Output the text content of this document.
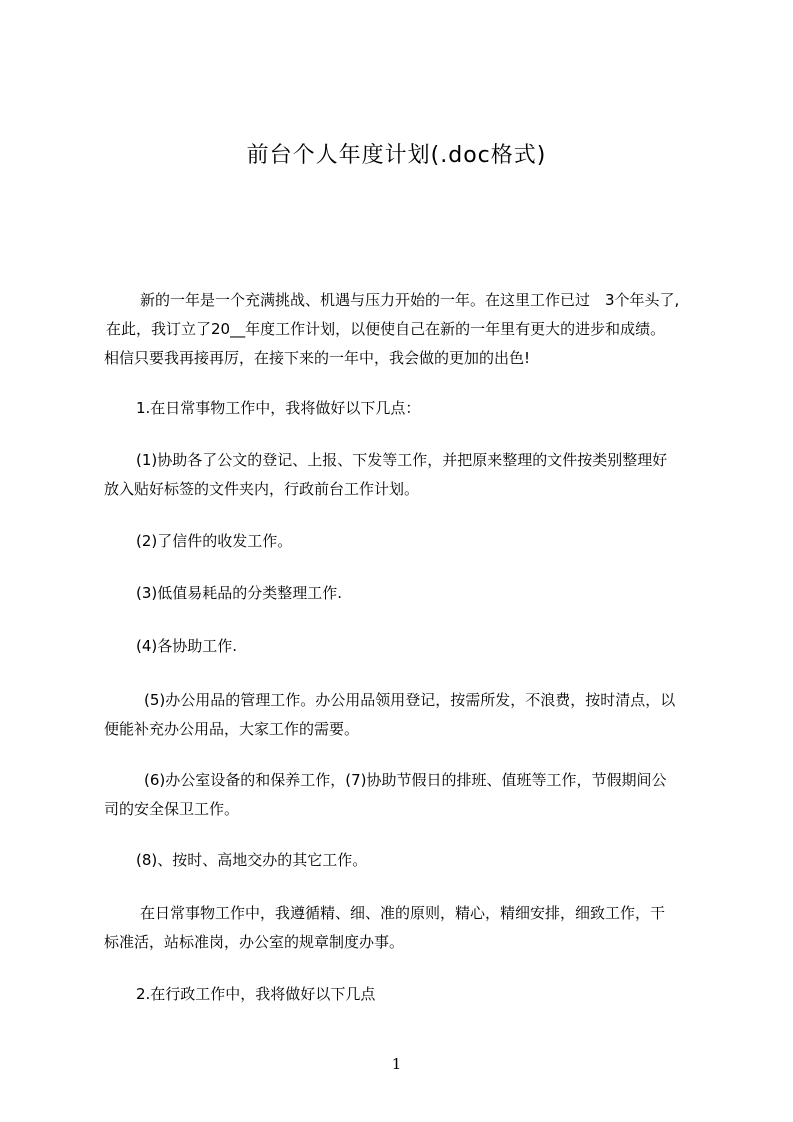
前台个人年度计划(.doc格式)
新的一年是一个充满挑战、机遇与压力开始的一年。在这里工作已过　3个年头了,
在此，我订立了20__年度工作计划，以便使自己在新的一年里有更大的进步和成绩。
相信只要我再接再厉，在接下来的一年中，我会做的更加的出色!
1.在日常事物工作中，我将做好以下几点：
(1)协助各了公文的登记、上报、下发等工作，并把原来整理的文件按类别整理好
放入贴好标签的文件夹内，行政前台工作计划。
(2)了信件的收发工作。
(3)低值易耗品的分类整理工作.
(4)各协助工作.
(5)办公用品的管理工作。办公用品领用登记，按需所发，不浪费，按时清点，以
便能补充办公用品，大家工作的需要。
(6)办公室设备的和保养工作，(7)协助节假日的排班、值班等工作，节假期间公
司的安全保卫工作。
(8)、按时、高地交办的其它工作。
在日常事物工作中，我遵循精、细、准的原则，精心，精细安排，细致工作，干
标准活，站标准岗，办公室的规章制度办事。
2.在行政工作中，我将做好以下几点
1
